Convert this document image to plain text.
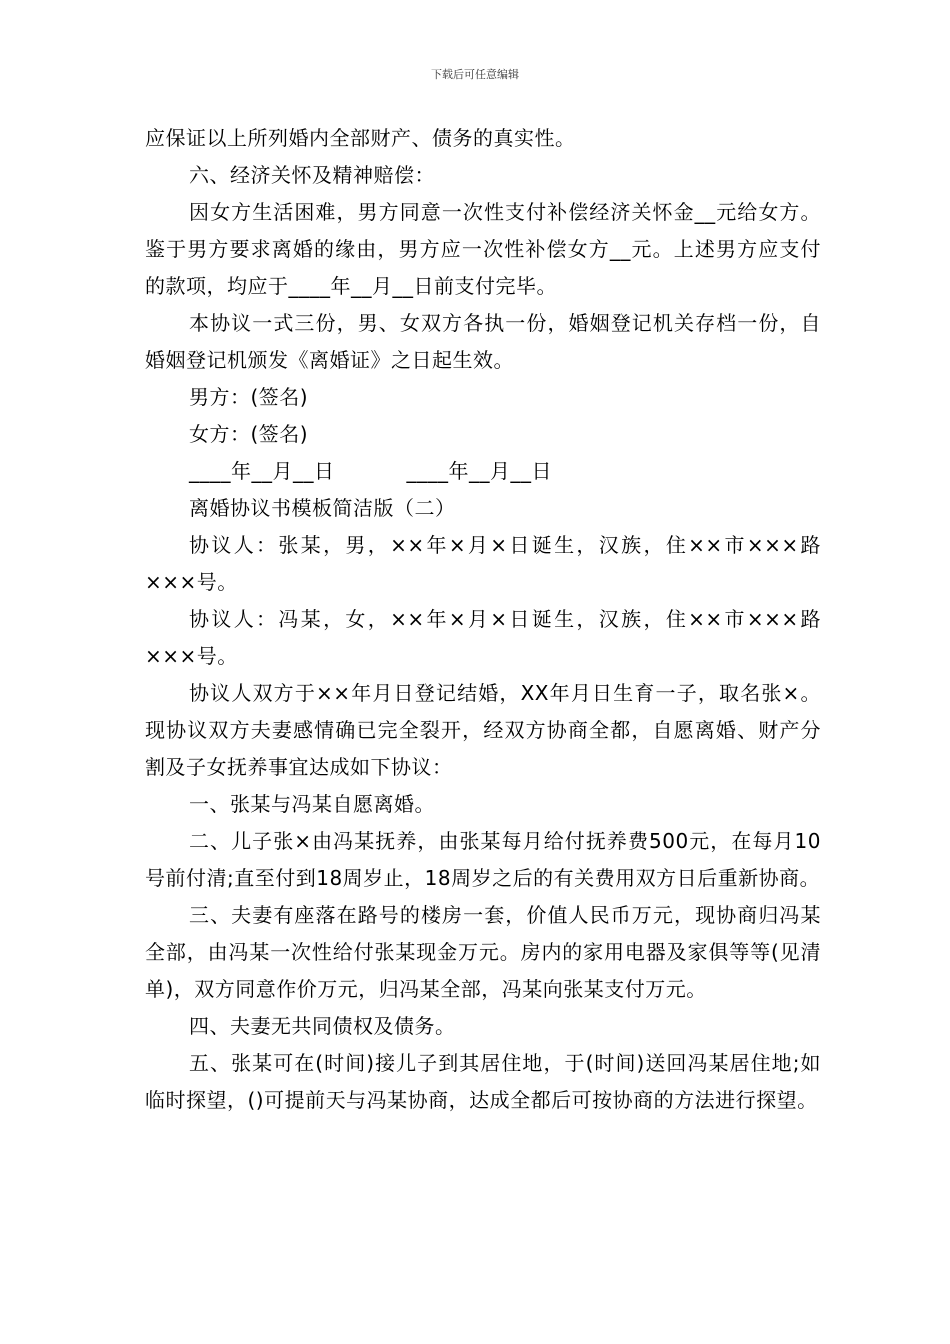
下载后可任意编辑

应保证以上所列婚内全部财产、债务的真实性。

六、经济关怀及精神赔偿：

因女方生活困难，男方同意一次性支付补偿经济关怀金__元给女方。鉴于男方要求离婚的缘由，男方应一次性补偿女方__元。上述男方应支付的款项，均应于____年__月__日前支付完毕。

本协议一式三份，男、女双方各执一份，婚姻登记机关存档一份，自婚姻登记机颁发《离婚证》之日起生效。

男方：(签名)

女方：(签名)

____年__月__日	____年__月__日

离婚协议书模板简洁版（二）

协议人：张某，男，××年×月×日诞生，汉族，住××市×××路×××号。

协议人：冯某，女，××年×月×日诞生，汉族，住××市×××路×××号。

协议人双方于××年月日登记结婚，XX年月日生育一子，取名张×。现协议双方夫妻感情确已完全裂开，经双方协商全都，自愿离婚、财产分割及子女抚养事宜达成如下协议：

一、张某与冯某自愿离婚。

二、儿子张×由冯某抚养，由张某每月给付抚养费500元，在每月10号前付清;直至付到18周岁止，18周岁之后的有关费用双方日后重新协商。

三、夫妻有座落在路号的楼房一套，价值人民币万元，现协商归冯某全部，由冯某一次性给付张某现金万元。房内的家用电器及家俱等等(见清单)，双方同意作价万元，归冯某全部，冯某向张某支付万元。

四、夫妻无共同债权及债务。

五、张某可在(时间)接儿子到其居住地，于(时间)送回冯某居住地;如临时探望，()可提前天与冯某协商，达成全都后可按协商的方法进行探望。
